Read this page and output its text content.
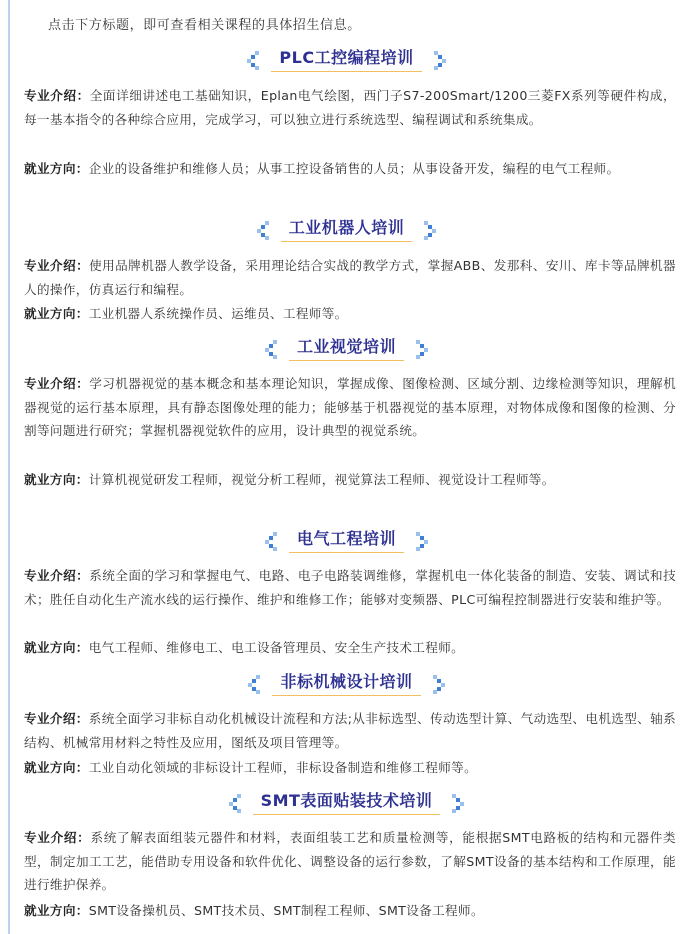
点击下方标题，即可查看相关课程的具体招生信息。
PLC工控编程培训
专业介绍：全面详细讲述电工基础知识，Eplan电气绘图，西门子S7-200Smart/1200三菱FX系列等硬件构成，每一基本指令的各种综合应用，完成学习，可以独立进行系统选型、编程调试和系统集成。
就业方向：企业的设备维护和维修人员；从事工控设备销售的人员；从事设备开发，编程的电气工程师。
工业机器人培训
专业介绍：使用品牌机器人教学设备，采用理论结合实战的教学方式，掌握ABB、发那科、安川、库卡等品牌机器人的操作，仿真运行和编程。
就业方向：工业机器人系统操作员、运维员、工程师等。
工业视觉培训
专业介绍：学习机器视觉的基本概念和基本理论知识，掌握成像、图像检测、区域分割、边缘检测等知识，理解机器视觉的运行基本原理，具有静态图像处理的能力；能够基于机器视觉的基本原理，对物体成像和图像的检测、分割等问题进行研究；掌握机器视觉软件的应用，设计典型的视觉系统。
就业方向：计算机视觉研发工程师，视觉分析工程师，视觉算法工程师、视觉设计工程师等。
电气工程培训
专业介绍：系统全面的学习和掌握电气、电路、电子电路装调维修，掌握机电一体化装备的制造、安装、调试和技术；胜任自动化生产流水线的运行操作、维护和维修工作；能够对变频器、PLC可编程控制器进行安装和维护等。
就业方向：电气工程师、维修电工、电工设备管理员、安全生产技术工程师。
非标机械设计培训
专业介绍：系统全面学习非标自动化机械设计流程和方法;从非标选型、传动选型计算、气动选型、电机选型、轴系结构、机械常用材料之特性及应用，图纸及项目管理等。
就业方向：工业自动化领域的非标设计工程师，非标设备制造和维修工程师等。
SMT表面贴装技术培训
专业介绍：系统了解表面组装元器件和材料，表面组装工艺和质量检测等，能根据SMT电路板的结构和元器件类型，制定加工工艺，能借助专用设备和软件优化、调整设备的运行参数，了解SMT设备的基本结构和工作原理，能进行维护保养。
就业方向：SMT设备操机员、SMT技术员、SMT制程工程师、SMT设备工程师。
